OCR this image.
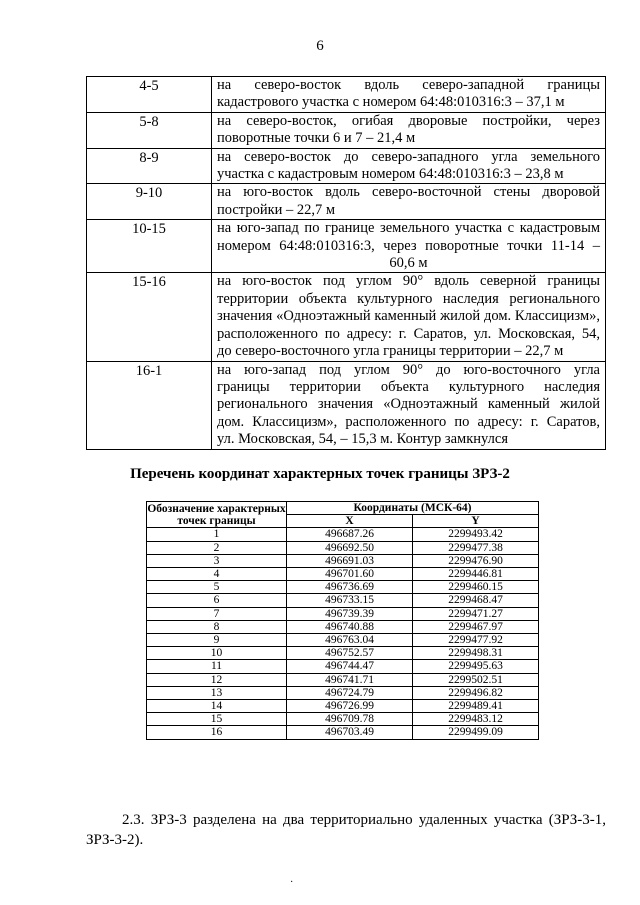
6
4-5	на северо-восток вдоль северо-западной границы
кадастрового участка с номером 64:48:010316:3 – 37,1 м

5-8	на северо-восток, огибая дворовые постройки, через
поворотные точки 6 и 7 – 21,4 м

8-9	на северо-восток до северо-западного угла земельного
участка с кадастровым номером 64:48:010316:3 – 23,8 м

9-10	на юго-восток вдоль северо-восточной стены дворовой
постройки – 22,7 м

10-15	на юго-запад по границе земельного участка с кадастровым
номером 64:48:010316:3, через поворотные точки 11-14 –
60,6 м

15-16	на юго-восток под углом 90° вдоль северной границы
территории объекта культурного наследия регионального
значения «Одноэтажный каменный жилой дом. Классицизм»,
расположенного по адресу: г. Саратов, ул. Московская, 54,
до северо-восточного угла границы территории – 22,7 м

16-1	на юго-запад под углом 90° до юго-восточного угла
границы территории объекта культурного наследия
регионального значения «Одноэтажный каменный жилой
дом. Классицизм», расположенного по адресу: г. Саратов,
ул. Московская, 54, – 15,3 м. Контур замкнулся
Перечень координат характерных точек границы ЗРЗ-2
Обозначение характерных точек границы	Координаты (МСК-64)	
	X	Y
1	496687.26	2299493.42
2	496692.50	2299477.38
3	496691.03	2299476.90
4	496701.60	2299446.81
5	496736.69	2299460.15
6	496733.15	2299468.47
7	496739.39	2299471.27
8	496740.88	2299467.97
9	496763.04	2299477.92
10	496752.57	2299498.31
11	496744.47	2299495.63
12	496741.71	2299502.51
13	496724.79	2299496.82
14	496726.99	2299489.41
15	496709.78	2299483.12
16	496703.49	2299499.09
2.3. ЗРЗ-3 разделена на два территориально удаленных участка (ЗРЗ-3-1, ЗРЗ-3-2).
·
